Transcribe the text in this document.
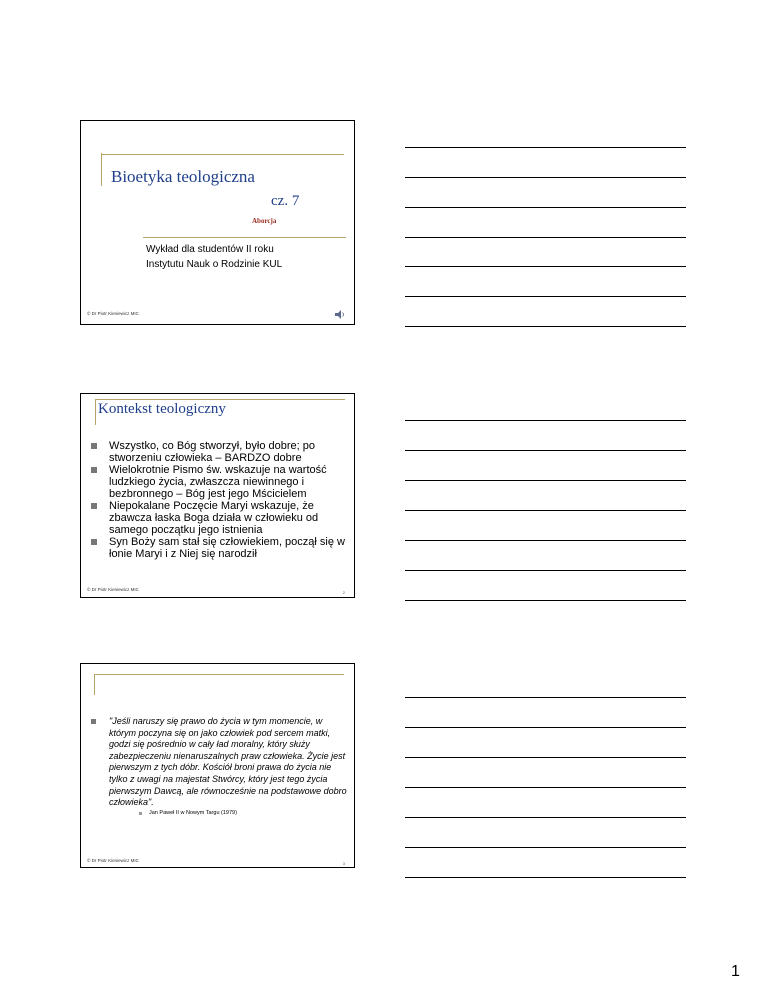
Bioetyka teologiczna
cz. 7
Aborcja
Wykład dla studentów II roku
Instytutu Nauk o Rodzinie KUL
© Dr Piotr Kieniewicz MIC
Kontekst teologiczny
Wszystko, co Bóg stworzył, było dobre; po stworzeniu człowieka – BARDZO dobre
Wielokrotnie Pismo św. wskazuje na wartość ludzkiego życia, zwłaszcza niewinnego i bezbronnego – Bóg jest jego Mścicielem
Niepokalane Poczęcie Maryi wskazuje, że zbawcza łaska Boga działa w człowieku od samego początku jego istnienia
Syn Boży sam stał się człowiekiem, począł się w łonie Maryi i z Niej się narodził
© Dr Piotr Kieniewicz MIC
2
"Jeśli naruszy się prawo do życia w tym momencie, w którym poczyna się on jako człowiek pod sercem matki, godzi się pośrednio w cały ład moralny, który służy zabezpieczeniu nienaruszalnych praw człowieka. Życie jest pierwszym z tych dóbr. Kościół broni prawa do życia nie tylko z uwagi na majestat Stwórcy, który jest tego życia pierwszym Dawcą, ale równocześnie na podstawowe dobro człowieka".
Jan Paweł II w Nowym Targu (1979)
© Dr Piotr Kieniewicz MIC
3
1
